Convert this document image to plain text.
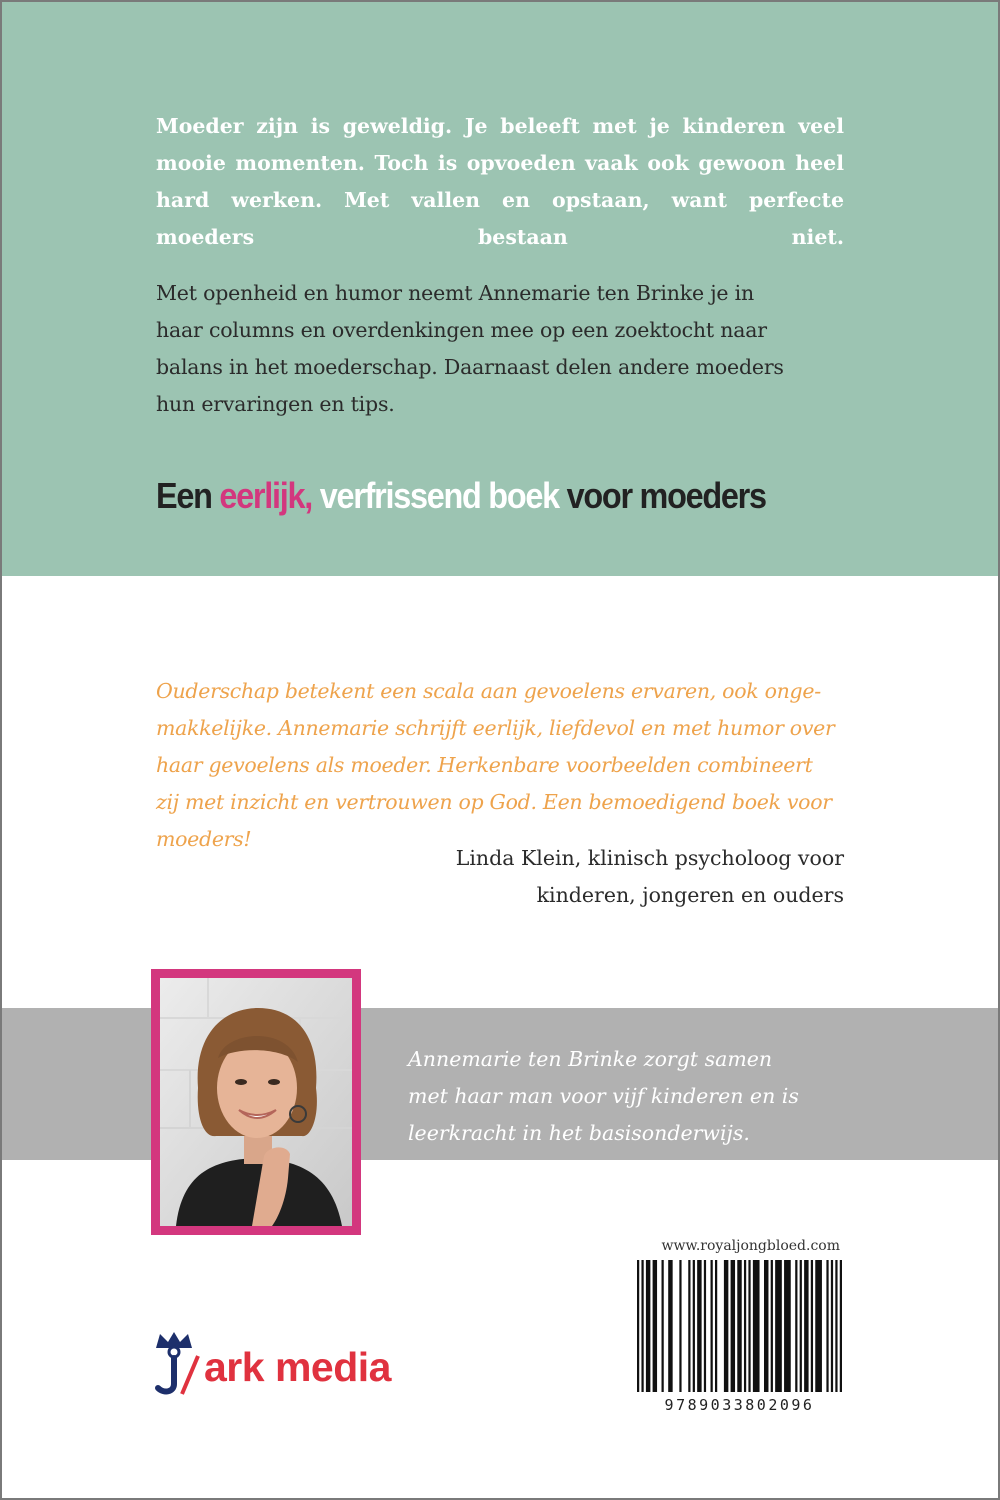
Moeder zijn is geweldig. Je beleeft met je kinderen veel mooie momenten. Toch is opvoeden vaak ook gewoon heel hard werken. Met vallen en opstaan, want perfecte moeders bestaan niet.

Met openheid en humor neemt Annemarie ten Brinke je in
haar columns en overdenkingen mee op een zoektocht naar
balans in het moederschap. Daarnaast delen andere moeders
hun ervaringen en tips.

Een eerlijk, verfrissend boek voor moeders

Ouderschap betekent een scala aan gevoelens ervaren, ook onge-
makkelijke. Annemarie schrijft eerlijk, liefdevol en met humor over
haar gevoelens als moeder. Herkenbare voorbeelden combineert
zij met inzicht en vertrouwen op God. Een bemoedigend boek voor
moeders!

Linda Klein, klinisch psycholoog voor
kinderen, jongeren en ouders

Annemarie ten Brinke zorgt samen
met haar man voor vijf kinderen en is
leerkracht in het basisonderwijs.

www.royaljongbloed.com

9789033802096

ark media
